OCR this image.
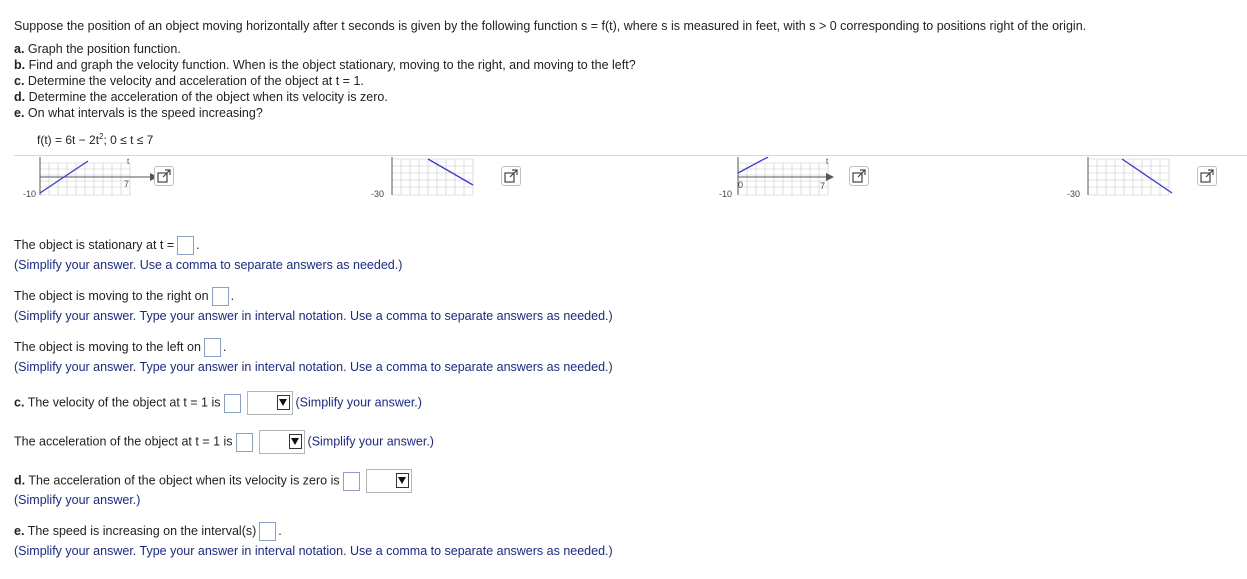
Suppose the position of an object moving horizontally after t seconds is given by the following function s = f(t), where s is measured in feet, with s > 0 corresponding to positions right of the origin.
a. Graph the position function.
b. Find and graph the velocity function. When is the object stationary, moving to the right, and moving to the left?
c. Determine the velocity and acceleration of the object at t = 1.
d. Determine the acceleration of the object when its velocity is zero.
e. On what intervals is the speed increasing?
$f(t) = 6t - 2t^2$; 0 ≤ t ≤ 7
t
7
-10	-30
t
0	7
-10	-30
The object is stationary at t = .
(Simplify your answer. Use a comma to separate answers as needed.)
The object is moving to the right on .
(Simplify your answer. Type your answer in interval notation. Use a comma to separate answers as needed.)
The object is moving to the left on .
(Simplify your answer. Type your answer in interval notation. Use a comma to separate answers as needed.)
c. The velocity of the object at t = 1 is	(Simplify your answer.)
The acceleration of the object at t = 1 is	(Simplify your answer.)
d. The acceleration of the object when its velocity is zero is
(Simplify your answer.)
e. The speed is increasing on the interval(s) .
(Simplify your answer. Type your answer in interval notation. Use a comma to separate answers as needed.)
